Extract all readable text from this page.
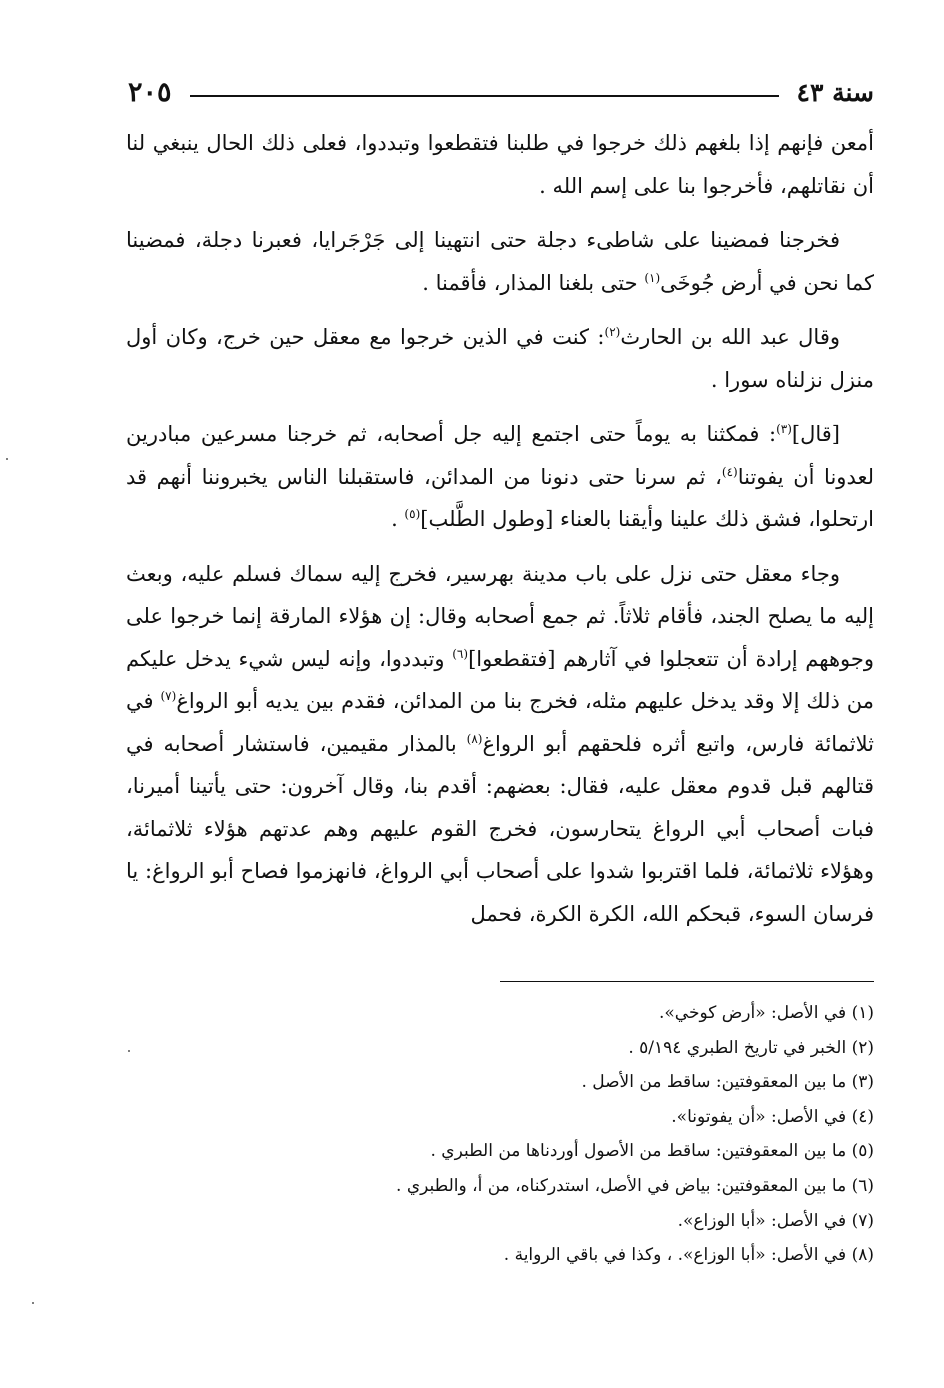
سنة ٤٣
٢٠٥

أمعن فإنهم إذا بلغهم ذلك خرجوا في طلبنا فتقطعوا وتبددوا، فعلى ذلك الحال ينبغي لنا أن نقاتلهم، فأخرجوا بنا على إسم الله .

فخرجنا فمضينا على شاطىء دجلة حتى انتهينا إلى جَرْجَرايا، فعبرنا دجلة، فمضينا كما نحن في أرض جُوخَى$^{(١)}$ حتى بلغنا المذار، فأقمنا .

وقال عبد الله بن الحارث$^{(٢)}$: كنت في الذين خرجوا مع معقل حين خرج، وكان أول منزل نزلناه سورا .

[قال]$^{(٣)}$: فمكثنا به يوماً حتى اجتمع إليه جل أصحابه، ثم خرجنا مسرعين مبادرين لعدونا أن يفوتنا$^{(٤)}$، ثم سرنا حتى دنونا من المدائن، فاستقبلنا الناس يخبروننا أنهم قد ارتحلوا، فشق ذلك علينا وأيقنا بالعناء [وطول الطَّلب]$^{(٥)}$ .

وجاء معقل حتى نزل على باب مدينة بهرسير، فخرج إليه سماك فسلم عليه، وبعث إليه ما يصلح الجند، فأقام ثلاثاً. ثم جمع أصحابه وقال: إن هؤلاء المارقة إنما خرجوا على وجوههم إرادة أن تتعجلوا في آثارهم [فتقطعوا]$^{(٦)}$ وتبددوا، وإنه ليس شيء يدخل عليكم من ذلك إلا وقد يدخل عليهم مثله، فخرج بنا من المدائن، فقدم بين يديه أبو الرواغ$^{(٧)}$ في ثلاثمائة فارس، واتبع أثره فلحقهم أبو الرواغ$^{(٨)}$ بالمذار مقيمين، فاستشار أصحابه في قتالهم قبل قدوم معقل عليه، فقال: بعضهم: أقدم بنا، وقال آخرون: حتى يأتينا أميرنا، فبات أصحاب أبي الرواغ يتحارسون، فخرج القوم عليهم وهم عدتهم هؤلاء ثلاثمائة، وهؤلاء ثلاثمائة، فلما اقتربوا شدوا على أصحاب أبي الرواغ، فانهزموا فصاح أبو الرواغ: يا فرسان السوء، قبحكم الله، الكرة الكرة، فحمل

(١) في الأصل: «أرض كوخي».
(٢) الخبر في تاريخ الطبري ٥/١٩٤ .
(٣) ما بين المعقوفتين: ساقط من الأصل .
(٤) في الأصل: «أن يفوتونا».
(٥) ما بين المعقوفتين: ساقط من الأصول أوردناها من الطبري .
(٦) ما بين المعقوفتين: بياض في الأصل، استدركناه، من أ، والطبري .
(٧) في الأصل: «أبا الوزاع».
(٨) في الأصل: «أبا الوزاع». ، وكذا في باقي الرواية .
